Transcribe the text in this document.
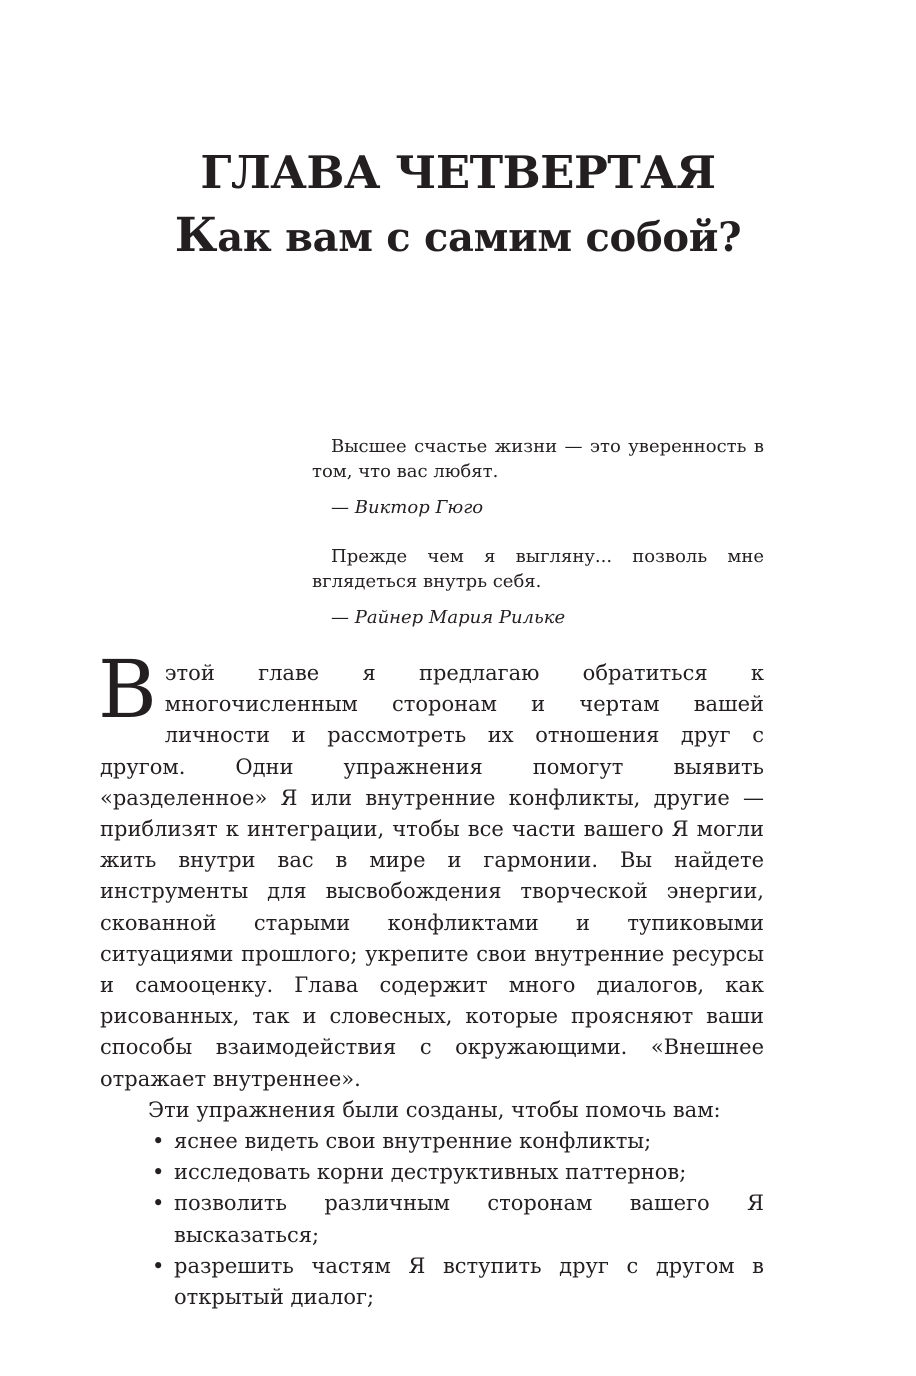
ГЛАВА ЧЕТВЕРТАЯ
Как вам с самим собой?

Высшее счастье жизни — это уверенность в том, что вас любят.

— Виктор Гюго

Прежде чем я выгляну... позволь мне вглядеться внутрь себя.

— Райнер Мария Рильке

В этой главе я предлагаю обратиться к многочисленным сторонам и чертам вашей личности и рассмотреть их отношения друг с другом. Одни упражнения помогут выявить «разделенное» Я или внутренние конфликты, другие — приблизят к интеграции, чтобы все части вашего Я могли жить внутри вас в мире и гармонии. Вы найдете инструменты для высвобождения творческой энергии, скованной старыми конфликтами и тупиковыми ситуациями прошлого; укрепите свои внутренние ресурсы и самооценку. Глава содержит много диалогов, как рисованных, так и словесных, которые проясняют ваши способы взаимодействия с окружающими. «Внешнее отражает внутреннее».

Эти упражнения были созданы, чтобы помочь вам:

• яснее видеть свои внутренние конфликты;
• исследовать корни деструктивных паттернов;
• позволить различным сторонам вашего Я высказаться;
• разрешить частям Я вступить друг с другом в открытый диалог;
